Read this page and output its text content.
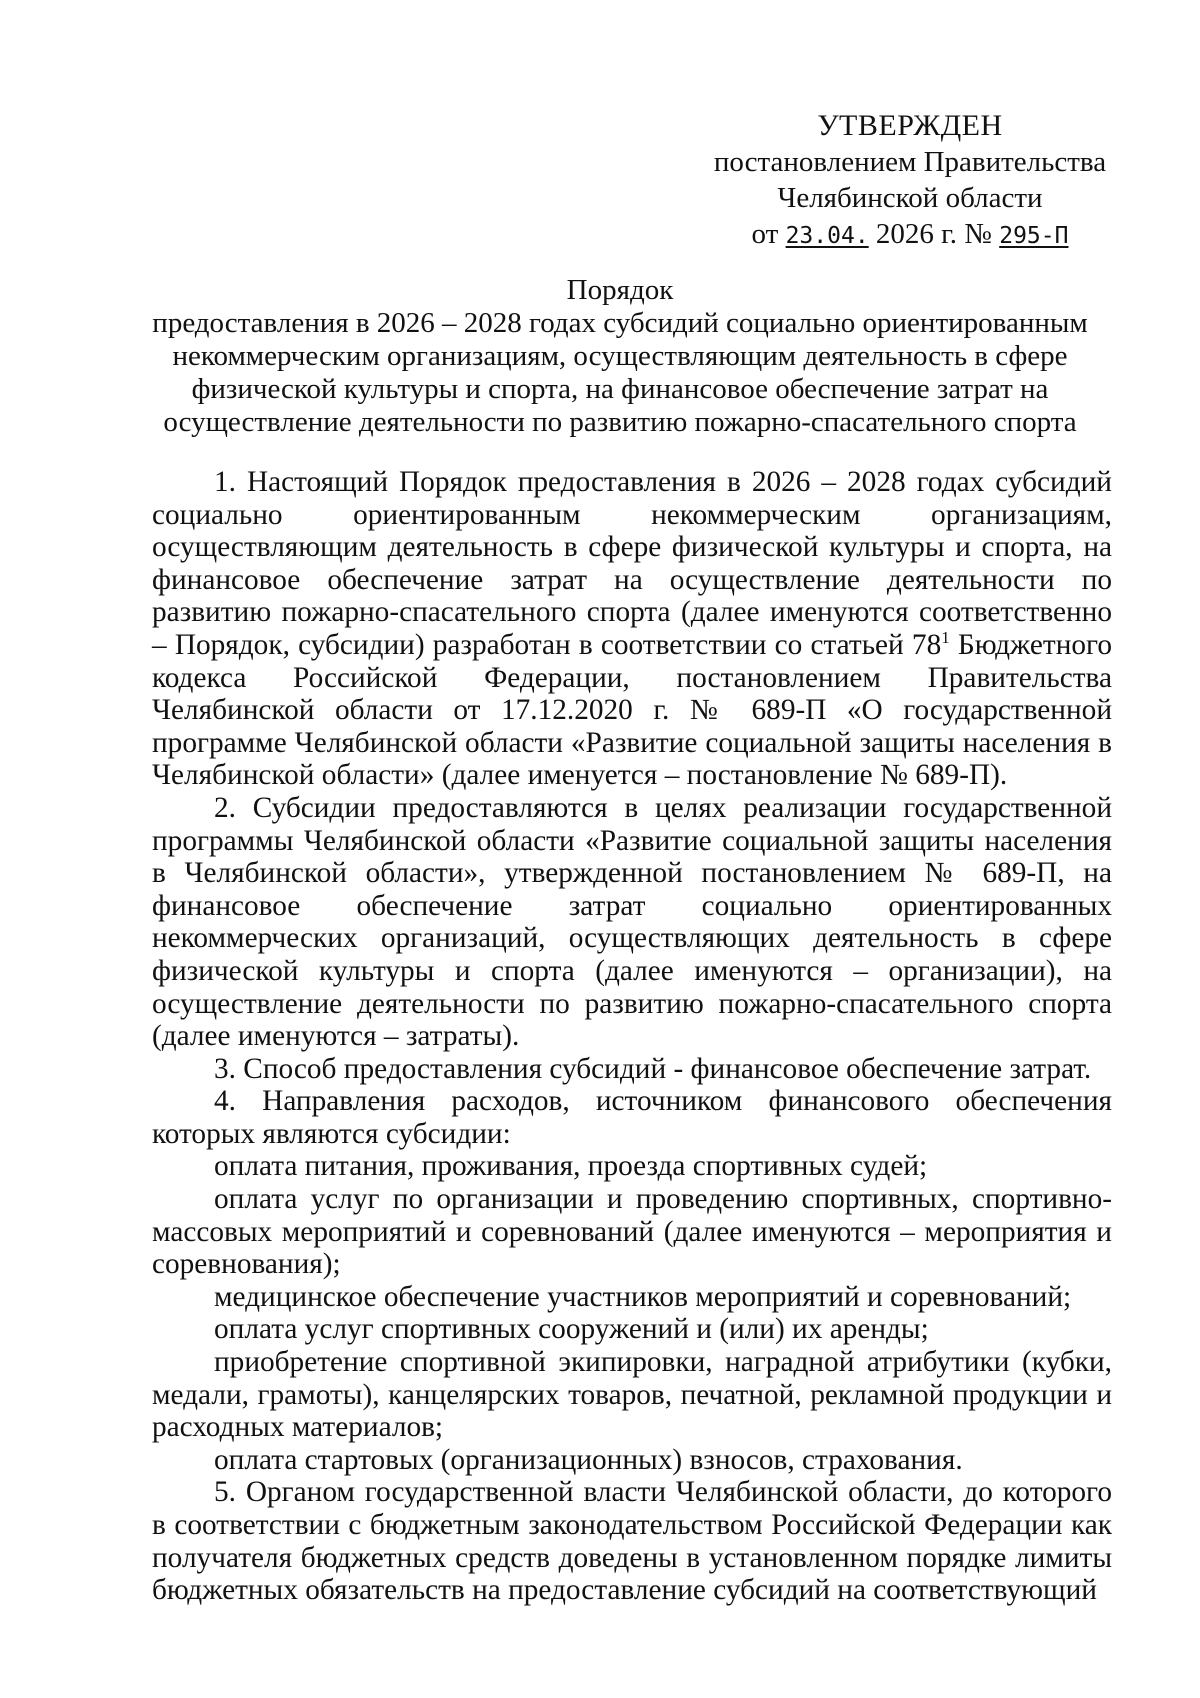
УТВЕРЖДЕН
постановлением Правительства
Челябинской области
от 23.04. 2026 г. № 295-П
Порядок
предоставления в 2026 – 2028 годах субсидий социально ориентированным
некоммерческим организациям, осуществляющим деятельность в сфере
физической культуры и спорта, на финансовое обеспечение затрат на
осуществление деятельности по развитию пожарно-спасательного спорта

1. Настоящий Порядок предоставления в 2026 – 2028 годах субсидий социально ориентированным некоммерческим организациям, осуществляющим деятельность в сфере физической культуры и спорта, на финансовое обеспечение затрат на осуществление деятельности по развитию пожарно-спасательного спорта (далее именуются соответственно – Порядок, субсидии) разработан в соответствии со статьей $78^1$ Бюджетного кодекса Российской Федерации, постановлением Правительства Челябинской области от 17.12.2020 г. № 689-П «О государственной программе Челябинской области «Развитие социальной защиты населения в Челябинской области» (далее именуется – постановление № 689-П).

2. Субсидии предоставляются в целях реализации государственной программы Челябинской области «Развитие социальной защиты населения в Челябинской области», утвержденной постановлением № 689-П, на финансовое обеспечение затрат социально ориентированных некоммерческих организаций, осуществляющих деятельность в сфере физической культуры и спорта (далее именуются – организации), на осуществление деятельности по развитию пожарно-спасательного спорта (далее именуются – затраты).

3. Способ предоставления субсидий - финансовое обеспечение затрат.

4. Направления расходов, источником финансового обеспечения которых являются субсидии:

оплата питания, проживания, проезда спортивных судей;

оплата услуг по организации и проведению спортивных, спортивно-массовых мероприятий и соревнований (далее именуются – мероприятия и соревнования);

медицинское обеспечение участников мероприятий и соревнований;

оплата услуг спортивных сооружений и (или) их аренды;

приобретение спортивной экипировки, наградной атрибутики (кубки, медали, грамоты), канцелярских товаров, печатной, рекламной продукции и расходных материалов;

оплата стартовых (организационных) взносов, страхования.

5. Органом государственной власти Челябинской области, до которого в соответствии с бюджетным законодательством Российской Федерации как получателя бюджетных средств доведены в установленном порядке лимиты бюджетных обязательств на предоставление субсидий на соответствующий
